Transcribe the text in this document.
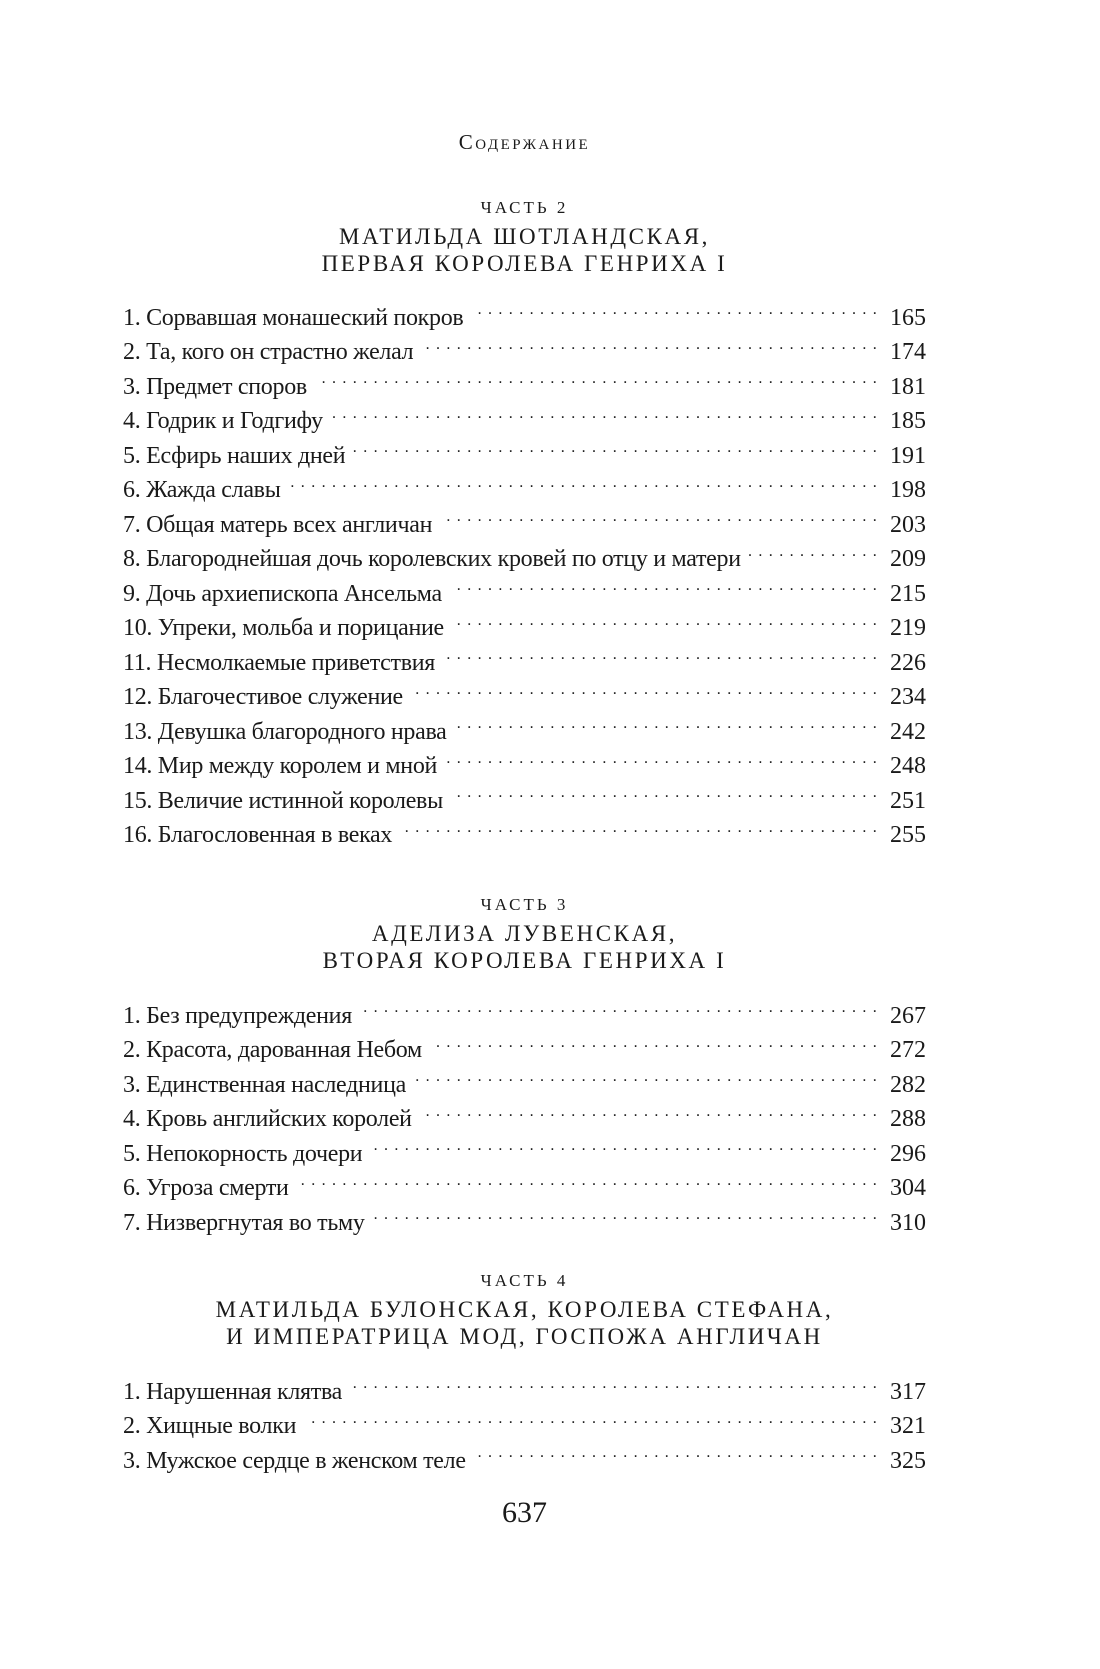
Содержание
ЧАСТЬ 2
МАТИЛЬДА ШОТЛАНДСКАЯ,
ПЕРВАЯ КОРОЛЕВА ГЕНРИХА I
1. Сорвавшая монашеский покров . . .	165
2. Та, кого он страстно желал . . .	174
3. Предмет споров . . .	181
4. Годрик и Годгифу . . .	185
5. Есфирь наших дней . . .	191
6. Жажда славы . . .	198
7. Общая матерь всех англичан . . .	203
8. Благороднейшая дочь королевских кровей по отцу и матери . . .	209
9. Дочь архиепископа Ансельма . . .	215
10. Упреки, мольба и порицание . . .	219
11. Несмолкаемые приветствия . . .	226
12. Благочестивое служение . . .	234
13. Девушка благородного нрава . . .	242
14. Мир между королем и мной . . .	248
15. Величие истинной королевы . . .	251
16. Благословенная в веках . . .	255
ЧАСТЬ 3
АДЕЛИЗА ЛУВЕНСКАЯ,
ВТОРАЯ КОРОЛЕВА ГЕНРИХА I
1. Без предупреждения . . .	267
2. Красота, дарованная Небом . . .	272
3. Единственная наследница . . .	282
4. Кровь английских королей . . .	288
5. Непокорность дочери . . .	296
6. Угроза смерти . . .	304
7. Низвергнутая во тьму . . .	310
ЧАСТЬ 4
МАТИЛЬДА БУЛОНСКАЯ, КОРОЛЕВА СТЕФАНА,
И ИМПЕРАТРИЦА МОД, ГОСПОЖА АНГЛИЧАН
1. Нарушенная клятва . . .	317
2. Хищные волки . . .	321
3. Мужское сердце в женском теле . . .	325
637
